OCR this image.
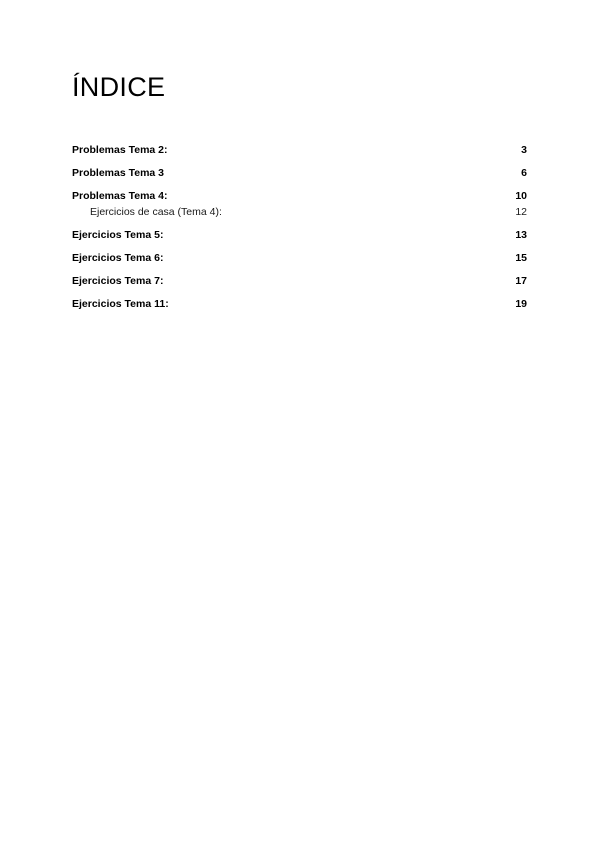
ÍNDICE
Problemas Tema 2:	3
Problemas Tema 3	6
Problemas Tema 4:	10
Ejercicios de casa (Tema 4):	12
Ejercicios Tema 5:	13
Ejercicios Tema 6:	15
Ejercicios Tema 7:	17
Ejercicios Tema 11:	19
